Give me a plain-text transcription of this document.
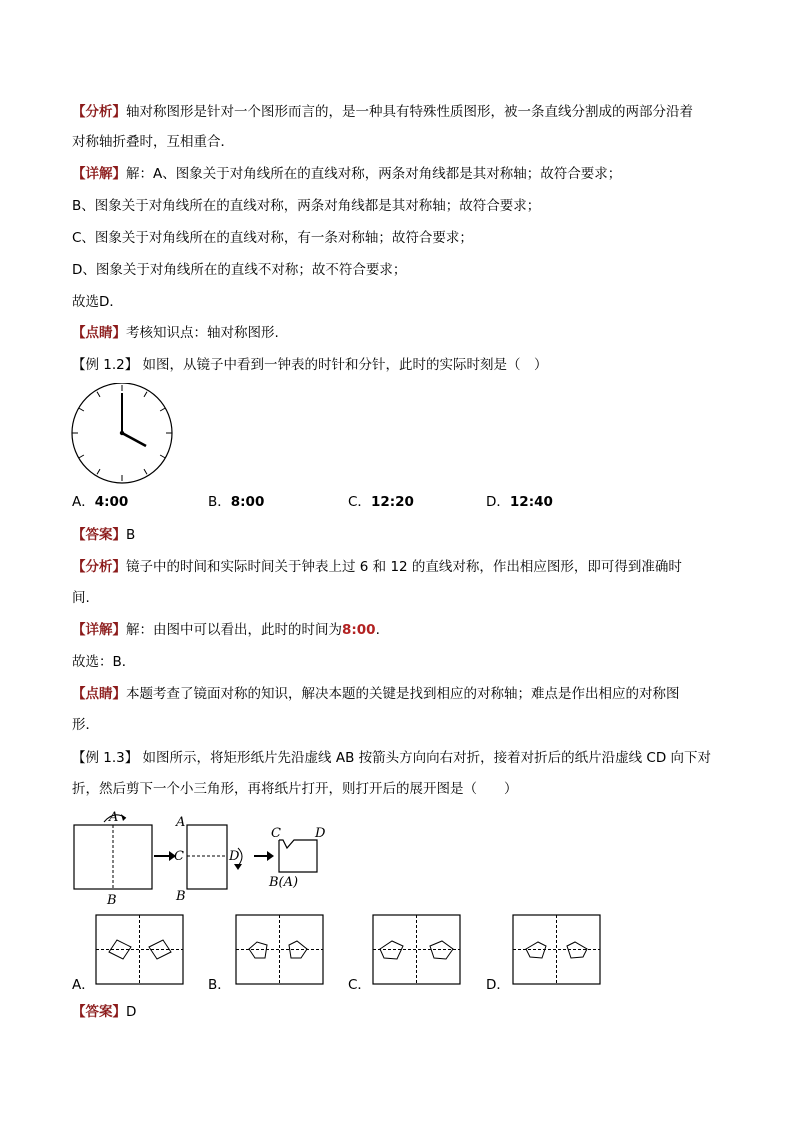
【分析】轴对称图形是针对一个图形而言的，是一种具有特殊性质图形，被一条直线分割成的两部分沿着
对称轴折叠时，互相重合．
【详解】解：A、图象关于对角线所在的直线对称，两条对角线都是其对称轴；故符合要求；
B、图象关于对角线所在的直线对称，两条对角线都是其对称轴；故符合要求；
C、图象关于对角线所在的直线对称，有一条对称轴；故符合要求；
D、图象关于对角线所在的直线不对称；故不符合要求；
故选D．
【点睛】考核知识点：轴对称图形.
【例 1.2】 如图，从镜子中看到一钟表的时针和分针，此时的实际时刻是（　）
A．4:00	B．8:00	C．12:20	D．12:40
【答案】B
【分析】镜子中的时间和实际时间关于钟表上过 6 和 12 的直线对称，作出相应图形，即可得到准确时
间.
【详解】解：由图中可以看出，此时的时间为8:00.
故选：B．
【点睛】本题考查了镜面对称的知识，解决本题的关键是找到相应的对称轴；难点是作出相应的对称图
形．
【例 1.3】 如图所示，将矩形纸片先沿虚线 AB 按箭头方向向右对折，接着对折后的纸片沿虚线 CD 向下对
折，然后剪下一个小三角形，再将纸片打开，则打开后的展开图是（　　）
A
B
A
B
C	D
C	D
B(A)
A．	B．	C．	D．
【答案】D
